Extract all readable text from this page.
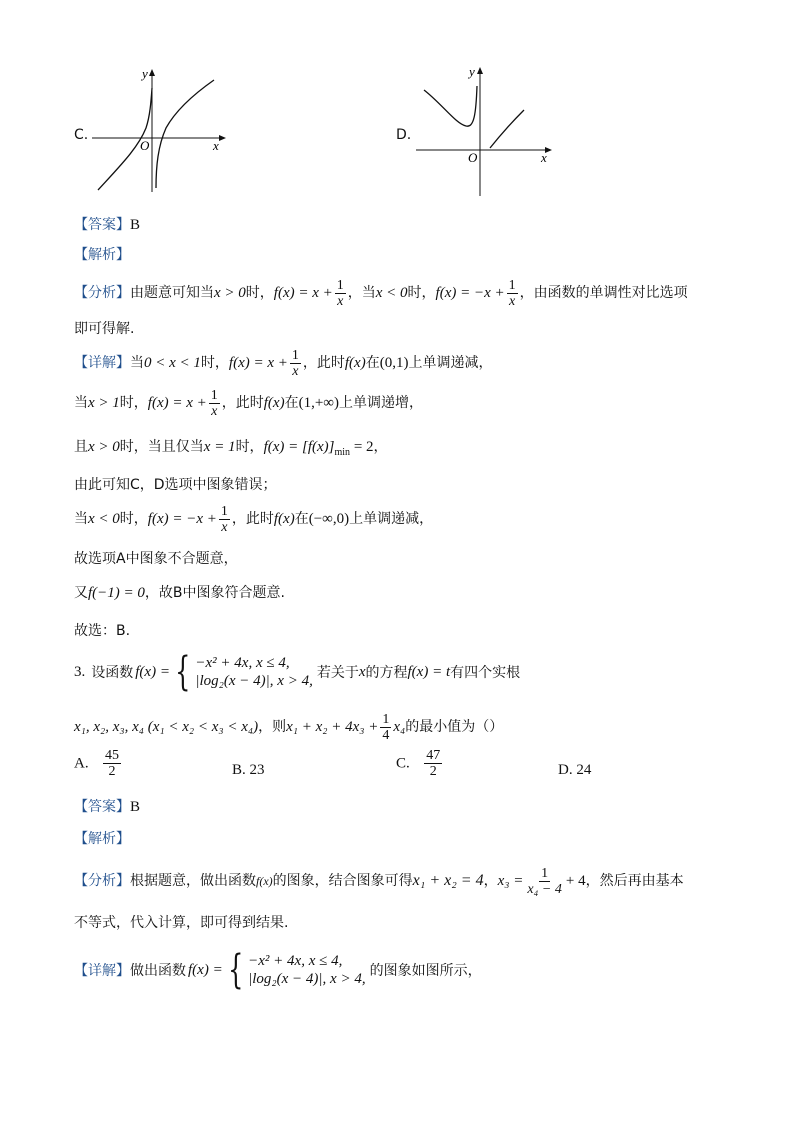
C.
x
y
O
D.
x
y
O
【答案】B
【解析】
【分析】由题意可知当x > 0时，$f(x) = x + \frac{1}{x}$ ，当x < 0时，$f(x) = -x + \frac{1}{x}$ ，由函数的单调性对比选项
即可得解.
【详解】当0 < x < 1时，$f(x) = x + \frac{1}{x}$ ，此时f(x)在(0,1)上单调递减，
当x > 1时，$f(x) = x + \frac{1}{x}$ ，此时f(x)在(1,+∞)上单调递增，
且x > 0时，当且仅当x = 1时，$f(x) = [f(x)]_{min} = 2$，
由此可知C，D选项中图象错误；
当x < 0时，$f(x) = -x + \frac{1}{x}$ ，此时f(x)在(−∞,0)上单调递减，
故选项A中图象不合题意，
又f(−1) = 0，故B中图象符合题意.
故选：B.
3. 设函数 f(x) = { −x² + 4x, x ≤ 4,
|log₂(x − 4)|, x > 4, 若关于 x 的方程 f(x) = t 有四个实根
x₁, x₂, x₃, x₄ (x₁ < x₂ < x₃ < x₄)，则$x_1 + x_2 + 4x_3 + \frac{1}{4} x_4$的最小值为（）
A. $\frac{45}{2}$	B. 23	C. $\frac{47}{2}$	D. 24
【答案】B
【解析】
【分析】根据题意，做出函数f(x)的图象，结合图象可得x₁ + x₂ = 4，$x_3 = \frac{1}{\text{x₄ − 4}} + 4$，然后再由基本
不等式，代入计算，即可得到结果.
【详解】 做出函数 f(x) = { −x² + 4x, x ≤ 4,
|log₂(x − 4)|, x > 4, 的图象如图所示，
